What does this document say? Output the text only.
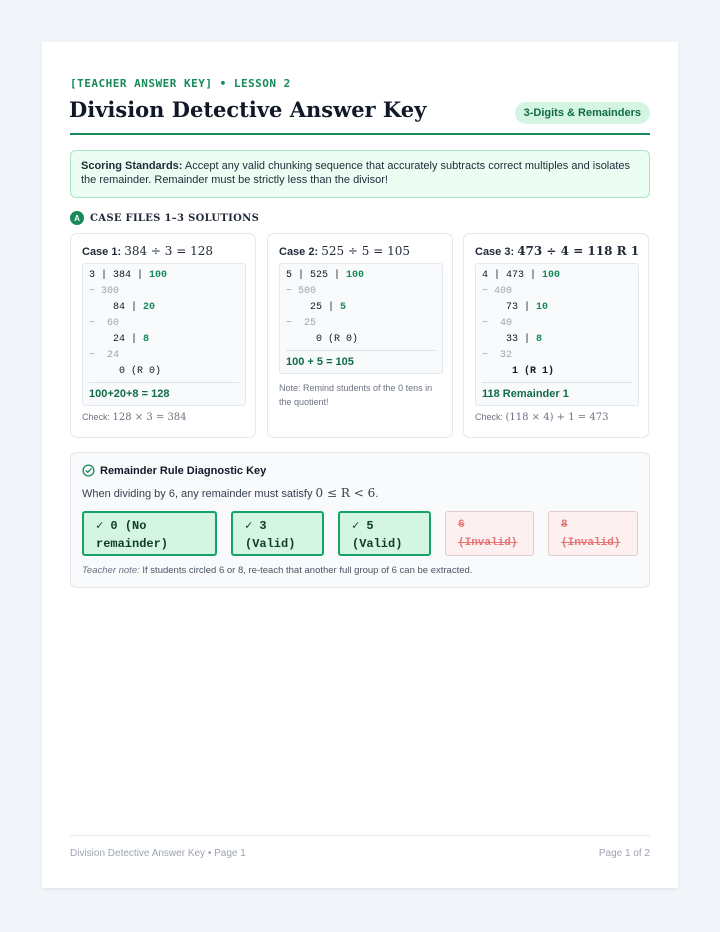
[TEACHER ANSWER KEY] • LESSON 2
Division Detective Answer Key	3-Digits & Remainders
Scoring Standards: Accept any valid chunking sequence that accurately subtracts correct multiples and isolates the remainder. Remainder must be strictly less than the divisor!
A	CASE FILES 1–3 SOLUTIONS
Case 1: 384 ÷ 3 = 128
3 | 384 | 100
− 300
84 | 20
−  60
24 | 8
−  24
0 (R 0)
100+20+8 = 128
Check: 128 × 3 = 384
Case 2: 525 ÷ 5 = 105
5 | 525 | 100
− 500
25 | 5
−  25
0 (R 0)
100 + 5 = 105
Note: Remind students of the 0 tens in the quotient!
Case 3: 473 ÷ 4 = 118 R 1
4 | 473 | 100
− 400
73 | 10
−  40
33 | 8
−  32
1 (R 1)
118 Remainder 1
Check: (118 × 4) + 1 = 473
Remainder Rule Diagnostic Key
When dividing by 6, any remainder must satisfy 0 ≤ R < 6.
✓ 0 (No
remainder)
✓ 3
(Valid)
✓ 5
(Valid)
6
(Invalid)
8
(Invalid)
Teacher note: If students circled 6 or 8, re-teach that another full group of 6 can be extracted.
Division Detective Answer Key • Page 1	Page 1 of 2
